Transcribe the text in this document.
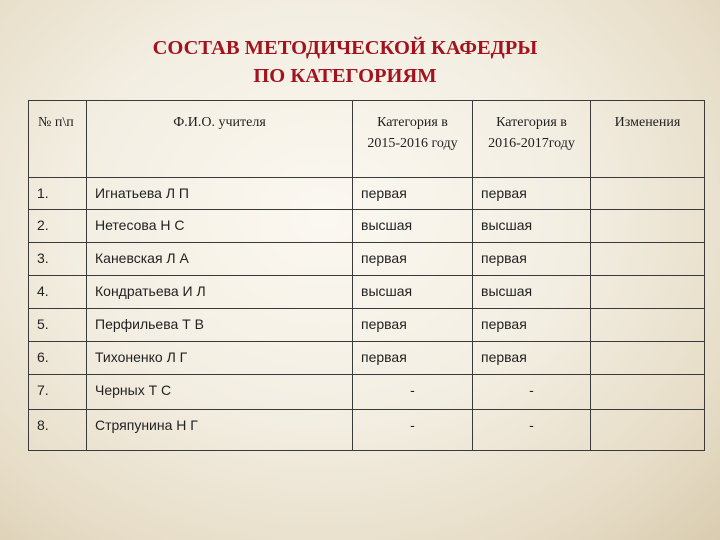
СОСТАВ МЕТОДИЧЕСКОЙ КАФЕДРЫ
ПО КАТЕГОРИЯМ
№ п\п	Ф.И.О. учителя	Категория в 2015-2016 году	Категория в 2016-2017году	Изменения

1.	Игнатьева Л П	первая	первая	

2.	Нетесова Н С	высшая	высшая	

3.	Каневская Л А	первая	первая	

4.	Кондратьева И Л	высшая	высшая	

5.	Перфильева Т В	первая	первая	

6.	Тихоненко Л Г	первая	первая	

7.	Черных Т С	-	-	

8.	Стряпунина Н Г	-	-	
